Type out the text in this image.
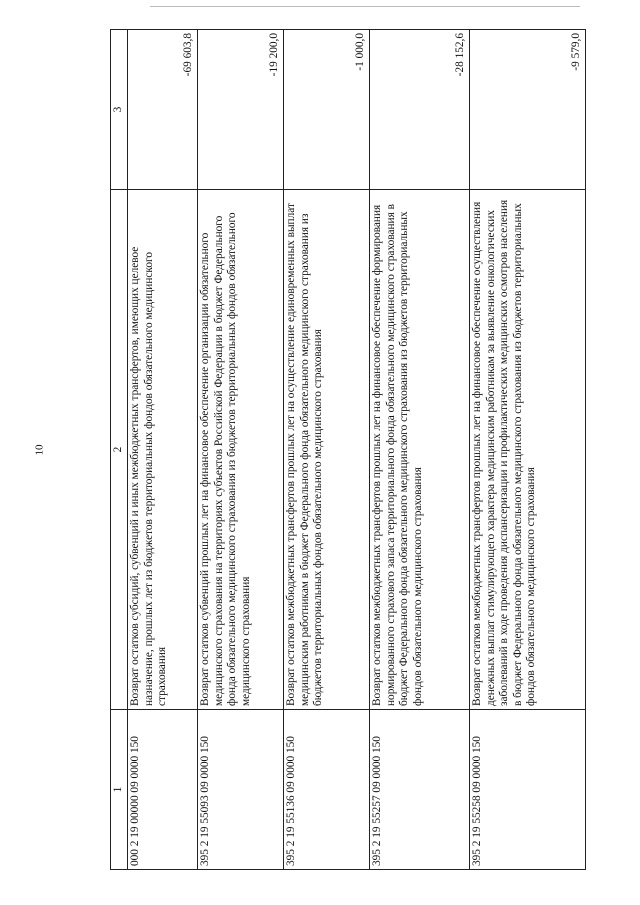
10
1	2	3
000 2 19 00000 09 0000 150	Возврат остатков субсидий, субвенций и иных межбюджетных трансфертов, имеющих целевое назначение, прошлых лет из бюджетов территориальных фондов обязательного медицинского страхования	-69 603,8
395 2 19 55093 09 0000 150	Возврат остатков субвенций прошлых лет на финансовое обеспечение организации обязательного медицинского страхования на территориях субъектов Российской Федерации в бюджет Федерального фонда обязательного медицинского страхования из бюджетов территориальных фондов обязательного медицинского страхования	-19 200,0
395 2 19 55136 09 0000 150	Возврат остатков межбюджетных трансфертов прошлых лет на осуществление единовременных выплат медицинским работникам в бюджет Федерального фонда обязательного медицинского страхования из бюджетов территориальных фондов обязательного медицинского страхования	-1 000,0
395 2 19 55257 09 0000 150	Возврат остатков межбюджетных трансфертов прошлых лет на финансовое обеспечение формирования нормированного страхового запаса территориального фонда обязательного медицинского страхования в бюджет Федерального фонда обязательного медицинского страхования из бюджетов территориальных фондов обязательного медицинского страхования	-28 152,6
395 2 19 55258 09 0000 150	Возврат остатков межбюджетных трансфертов прошлых лет на финансовое обеспечение осуществления денежных выплат стимулирующего характера медицинским работникам за выявление онкологических заболеваний в ходе проведения диспансеризации и профилактических медицинских осмотров населения в бюджет Федерального фонда обязательного медицинского страхования из бюджетов территориальных фондов обязательного медицинского страхования	-9 579,0
